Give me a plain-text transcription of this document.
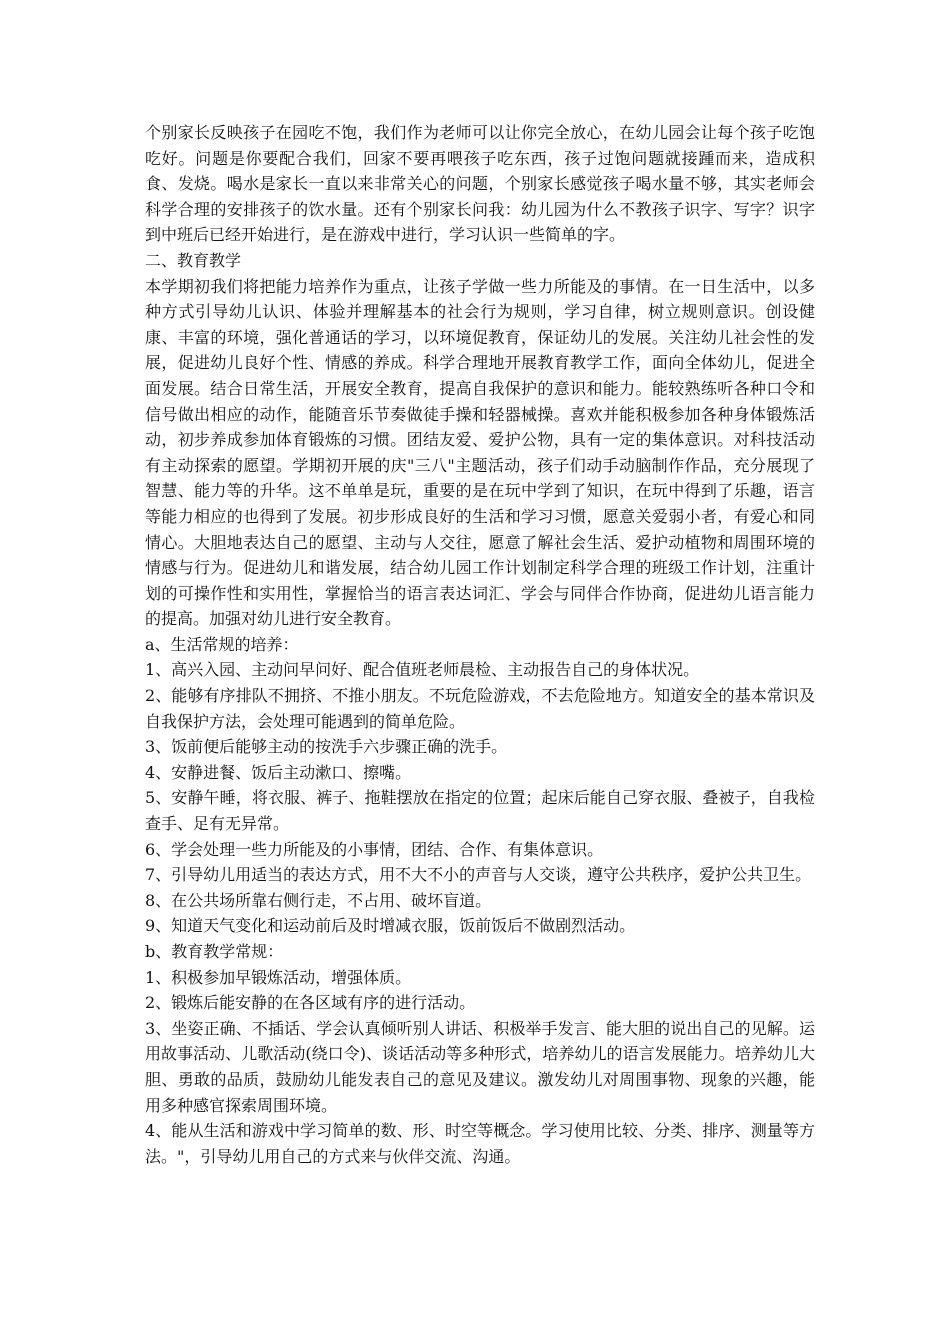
个别家长反映孩子在园吃不饱，我们作为老师可以让你完全放心，在幼儿园会让每个孩子吃饱吃好。问题是你要配合我们，回家不要再喂孩子吃东西，孩子过饱问题就接踵而来，造成积食、发烧。喝水是家长一直以来非常关心的问题，个别家长感觉孩子喝水量不够，其实老师会科学合理的安排孩子的饮水量。还有个别家长问我：幼儿园为什么不教孩子识字、写字？识字到中班后已经开始进行，是在游戏中进行，学习认识一些简单的字。

二、教育教学

本学期初我们将把能力培养作为重点，让孩子学做一些力所能及的事情。在一日生活中，以多种方式引导幼儿认识、体验并理解基本的社会行为规则，学习自律，树立规则意识。创设健康、丰富的环境，强化普通话的学习，以环境促教育，保证幼儿的发展。关注幼儿社会性的发展，促进幼儿良好个性、情感的养成。科学合理地开展教育教学工作，面向全体幼儿，促进全面发展。结合日常生活，开展安全教育，提高自我保护的意识和能力。能较熟练听各种口令和信号做出相应的动作，能随音乐节奏做徒手操和轻器械操。喜欢并能积极参加各种身体锻炼活动，初步养成参加体育锻炼的习惯。团结友爱、爱护公物，具有一定的集体意识。对科技活动有主动探索的愿望。学期初开展的庆"三八"主题活动，孩子们动手动脑制作作品，充分展现了智慧、能力等的升华。这不单单是玩，重要的是在玩中学到了知识，在玩中得到了乐趣，语言等能力相应的也得到了发展。初步形成良好的生活和学习习惯，愿意关爱弱小者，有爱心和同情心。大胆地表达自己的愿望、主动与人交往，愿意了解社会生活、爱护动植物和周围环境的情感与行为。促进幼儿和谐发展，结合幼儿园工作计划制定科学合理的班级工作计划，注重计划的可操作性和实用性，掌握恰当的语言表达词汇、学会与同伴合作协商，促进幼儿语言能力的提高。加强对幼儿进行安全教育。

a、生活常规的培养：

1、高兴入园、主动问早问好、配合值班老师晨检、主动报告自己的身体状况。

2、能够有序排队不拥挤、不推小朋友。不玩危险游戏，不去危险地方。知道安全的基本常识及自我保护方法，会处理可能遇到的简单危险。

3、饭前便后能够主动的按洗手六步骤正确的洗手。

4、安静进餐、饭后主动漱口、擦嘴。

5、安静午睡，将衣服、裤子、拖鞋摆放在指定的位置；起床后能自己穿衣服、叠被子，自我检查手、足有无异常。

6、学会处理一些力所能及的小事情，团结、合作、有集体意识。

7、引导幼儿用适当的表达方式，用不大不小的声音与人交谈，遵守公共秩序，爱护公共卫生。

8、在公共场所靠右侧行走，不占用、破坏盲道。

9、知道天气变化和运动前后及时增减衣服，饭前饭后不做剧烈活动。

b、教育教学常规：

1、积极参加早锻炼活动，增强体质。

2、锻炼后能安静的在各区域有序的进行活动。

3、坐姿正确、不插话、学会认真倾听别人讲话、积极举手发言、能大胆的说出自己的见解。运用故事活动、儿歌活动(绕口令)、谈话活动等多种形式，培养幼儿的语言发展能力。培养幼儿大胆、勇敢的品质，鼓励幼儿能发表自己的意见及建议。激发幼儿对周围事物、现象的兴趣，能用多种感官探索周围环境。

4、能从生活和游戏中学习简单的数、形、时空等概念。学习使用比较、分类、排序、测量等方法。"，引导幼儿用自己的方式来与伙伴交流、沟通。
